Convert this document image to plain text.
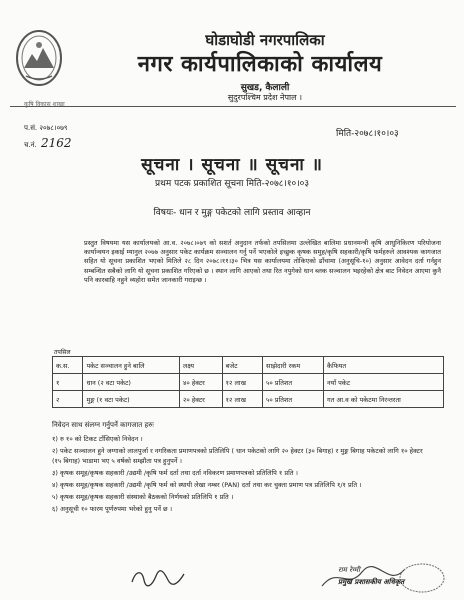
घोडाघोडी नगरपालिका
नगर कार्यपालिकाको कार्यालय
सुखड, कैलाली
सुदुरपश्चिम प्रदेश नेपाल ।
कृषि विकास शाखा
प.सं. २०७८।०७९
च.नं. 2162
मिति-२०७८।१०।०३
सूचना । सूचना ॥ सूचना ॥
प्रथम पटक प्रकाशित सूचना मिति-२०७८।१०।०३
विषयः- धान र मुङ्ग पकेटको लागि प्रस्ताव आव्हान
प्रस्तुत विषयमा यस कार्यालयको आ.व. २०७८।०७९ को सशर्त अनुदान तर्फको तपसिलमा उल्लेखित बालिमा प्रधानमन्त्री कृषि आधुनिकिरण परियोजना कार्यान्वयन इकाई म्यानुल २०७७ अनुसार पकेट कार्यक्रम सञ्चालन गर्नु पर्ने भएकोले इच्छुक कृषक समुह/कृषि सहकारी/कृषि फर्महरुले आवश्यक कागजात सहित यो सूचना प्रकाशित भएको मितिले २८ दिन २०७८।११।३० भित्र यस कार्यालयमा तोकिएको ढाँचामा (अनुसूचि-१०) अनुसार आवेदन दर्ता गर्नहुन सम्बन्धित सबैको लागि यो सूचना प्रकाशित गरिएको छ । स्थान लागि आएको तथा रित नपुगेको धान ब्लक सञ्चालन भइरहेको क्षेत्र बाट निवेदन आएमा कुनै पनि कारबाहि नहुने व्यहोरा समेत जानकारी गराइन्छ ।
तपसिल
क.स.	पकेट सञ्चालन हुने बालि	लक्ष्य	बजेट	साझेदारी रकम	कैफियत
१	धान (२ वटा पकेट)	४० हेक्टर	१२ लाख	५० प्रतिशत	नयाँ पकेट
२	मुङ्ग (१ वटा पकेट)	२० हेक्टर	१२ लाख	५० प्रतिशत	गत आ.व को पकेटमा निरन्तरता
निवेदन साथ संलग्न गर्नुपर्ने कागजात हरुः
१) रु १० को टिकट टाँसिएको निवेदन ।
२) पकेट सञ्चालन हुने जग्गाको लालपुर्जा र नगरिकता प्रमाणपत्रको प्रतिलिपि ( धान पकेटको लागि २० हेक्टर (३० बिगाह) र मुङ्ग बिगाह पकेटको लागि १० हेक्टर (१५ बिगाह) भाडामा भए ५ वर्षको सम्झौता पत्र हुनुपर्ने ।
३) कृषक समूह/कृषक सहकारी /उद्यमी /कृषि फर्म दर्ता तथा दर्ता नविकरण प्रमाणपत्रको प्रतिलिपि १ प्रति ।
४) कृषक समूह/कृषक सहकारी /उद्यमी /कृषि फर्म को स्थायी लेखा नम्बर (PAN) दर्ता तथा कर चुक्ता प्रमाण पत्र प्रतिलिपि १/१ प्रति ।
५) कृषक समूह/कृषक सहकारी संस्थाको बैठकको निर्णयको प्रतिलिपि १ प्रति ।
६) अनुसूची १० फारम पूर्णरुपमा भरेको हुनु पर्ने छ ।
राम रेग्मी
प्रमुख प्रशासकीय अधिकृत
